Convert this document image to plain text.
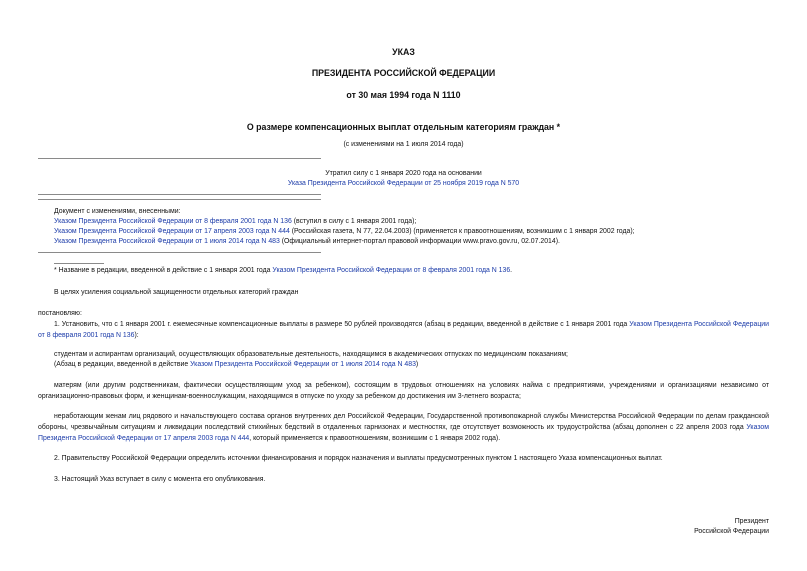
УКАЗ
ПРЕЗИДЕНТА РОССИЙСКОЙ ФЕДЕРАЦИИ
от 30 мая 1994 года N 1110
О размере компенсационных выплат отдельным категориям граждан *
(с изменениями на 1 июля 2014 года)
Утратил силу с 1 января 2020 года на основании
Указа Президента Российской Федерации от 25 ноября 2019 года N 570
Документ с изменениями, внесенными:
Указом Президента Российской Федерации от 8 февраля 2001 года N 136 (вступил в силу с 1 января 2001 года);
Указом Президента Российской Федерации от 17 апреля 2003 года N 444 (Российская газета, N 77, 22.04.2003) (применяется к правоотношениям, возникшим с 1 января 2002 года);
Указом Президента Российской Федерации от 1 июля 2014 года N 483 (Официальный интернет-портал правовой информации www.pravo.gov.ru, 02.07.2014).
* Название в редакции, введенной в действие с 1 января 2001 года Указом Президента Российской Федерации от 8 февраля 2001 года N 136.
В целях усиления социальной защищенности отдельных категорий граждан
постановляю:
1. Установить, что с 1 января 2001 г. ежемесячные компенсационные выплаты в размере 50 рублей производятся (абзац в редакции, введенной в действие с 1 января 2001 года Указом Президента Российской Федерации от 8 февраля 2001 года N 136):
студентам и аспирантам организаций, осуществляющих образовательные деятельность, находящимся в академических отпусках по медицинским показаниям;
(Абзац в редакции, введенной в действие Указом Президента Российской Федерации от 1 июля 2014 года N 483)
матерям (или другим родственникам, фактически осуществляющим уход за ребенком), состоящим в трудовых отношениях на условиях найма с предприятиями, учреждениями и организациями независимо от организационно-правовых форм, и женщинам-военнослужащим, находящимся в отпуске по уходу за ребенком до достижения им 3-летнего возраста;
неработающим женам лиц рядового и начальствующего состава органов внутренних дел Российской Федерации, Государственной противопожарной службы Министерства Российской Федерации по делам гражданской обороны, чрезвычайным ситуациям и ликвидации последствий стихийных бедствий в отдаленных гарнизонах и местностях, где отсутствует возможность их трудоустройства (абзац дополнен с 22 апреля 2003 года Указом Президента Российской Федерации от 17 апреля 2003 года N 444, который применяется к правоотношениям, возникшим с 1 января 2002 года).
2. Правительству Российской Федерации определить источники финансирования и порядок назначения и выплаты предусмотренных пунктом 1 настоящего Указа компенсационных выплат.
3. Настоящий Указ вступает в силу с момента его опубликования.
Президент
Российской Федерации
